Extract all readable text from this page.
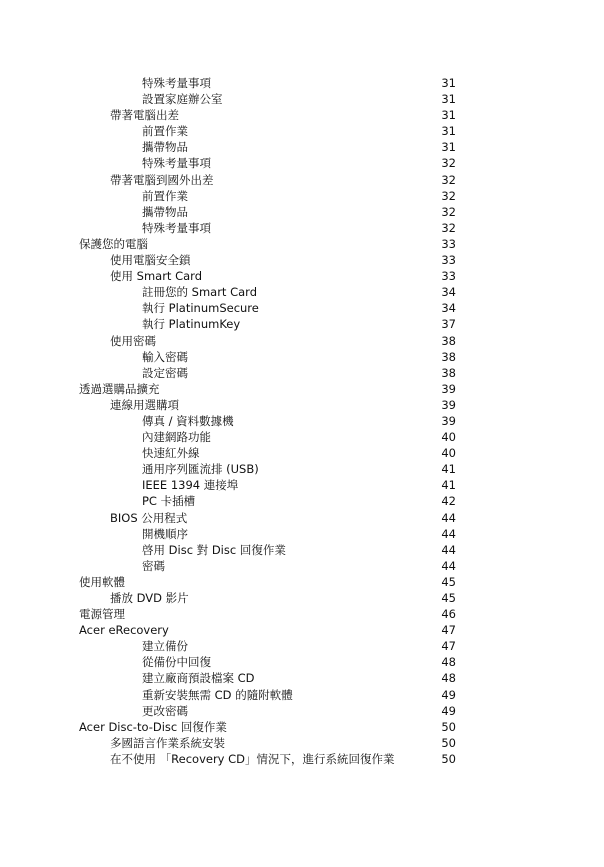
特殊考量事項	31
設置家庭辦公室	31
帶著電腦出差	31
前置作業	31
攜帶物品	31
特殊考量事項	32
帶著電腦到國外出差	32
前置作業	32
攜帶物品	32
特殊考量事項	32
保護您的電腦	33
使用電腦安全鎖	33
使用 Smart Card	33
註冊您的 Smart Card	34
執行 PlatinumSecure	34
執行 PlatinumKey	37
使用密碼	38
輸入密碼	38
設定密碼	38
透過選購品擴充	39
連線用選購項	39
傳真 / 資料數據機	39
內建網路功能	40
快速紅外線	40
通用序列匯流排 (USB)	41
IEEE 1394 連接埠	41
PC 卡插槽	42
BIOS 公用程式	44
開機順序	44
啓用 Disc 對 Disc 回復作業	44
密碼	44
使用軟體	45
播放 DVD 影片	45
電源管理	46
Acer eRecovery	47
建立備份	47
從備份中回復	48
建立廠商預設檔案 CD	48
重新安裝無需 CD 的隨附軟體	49
更改密碼	49
Acer Disc-to-Disc 回復作業	50
多國語言作業系統安裝	50
在不使用 「Recovery CD」情況下，進行系統回復作業	50
